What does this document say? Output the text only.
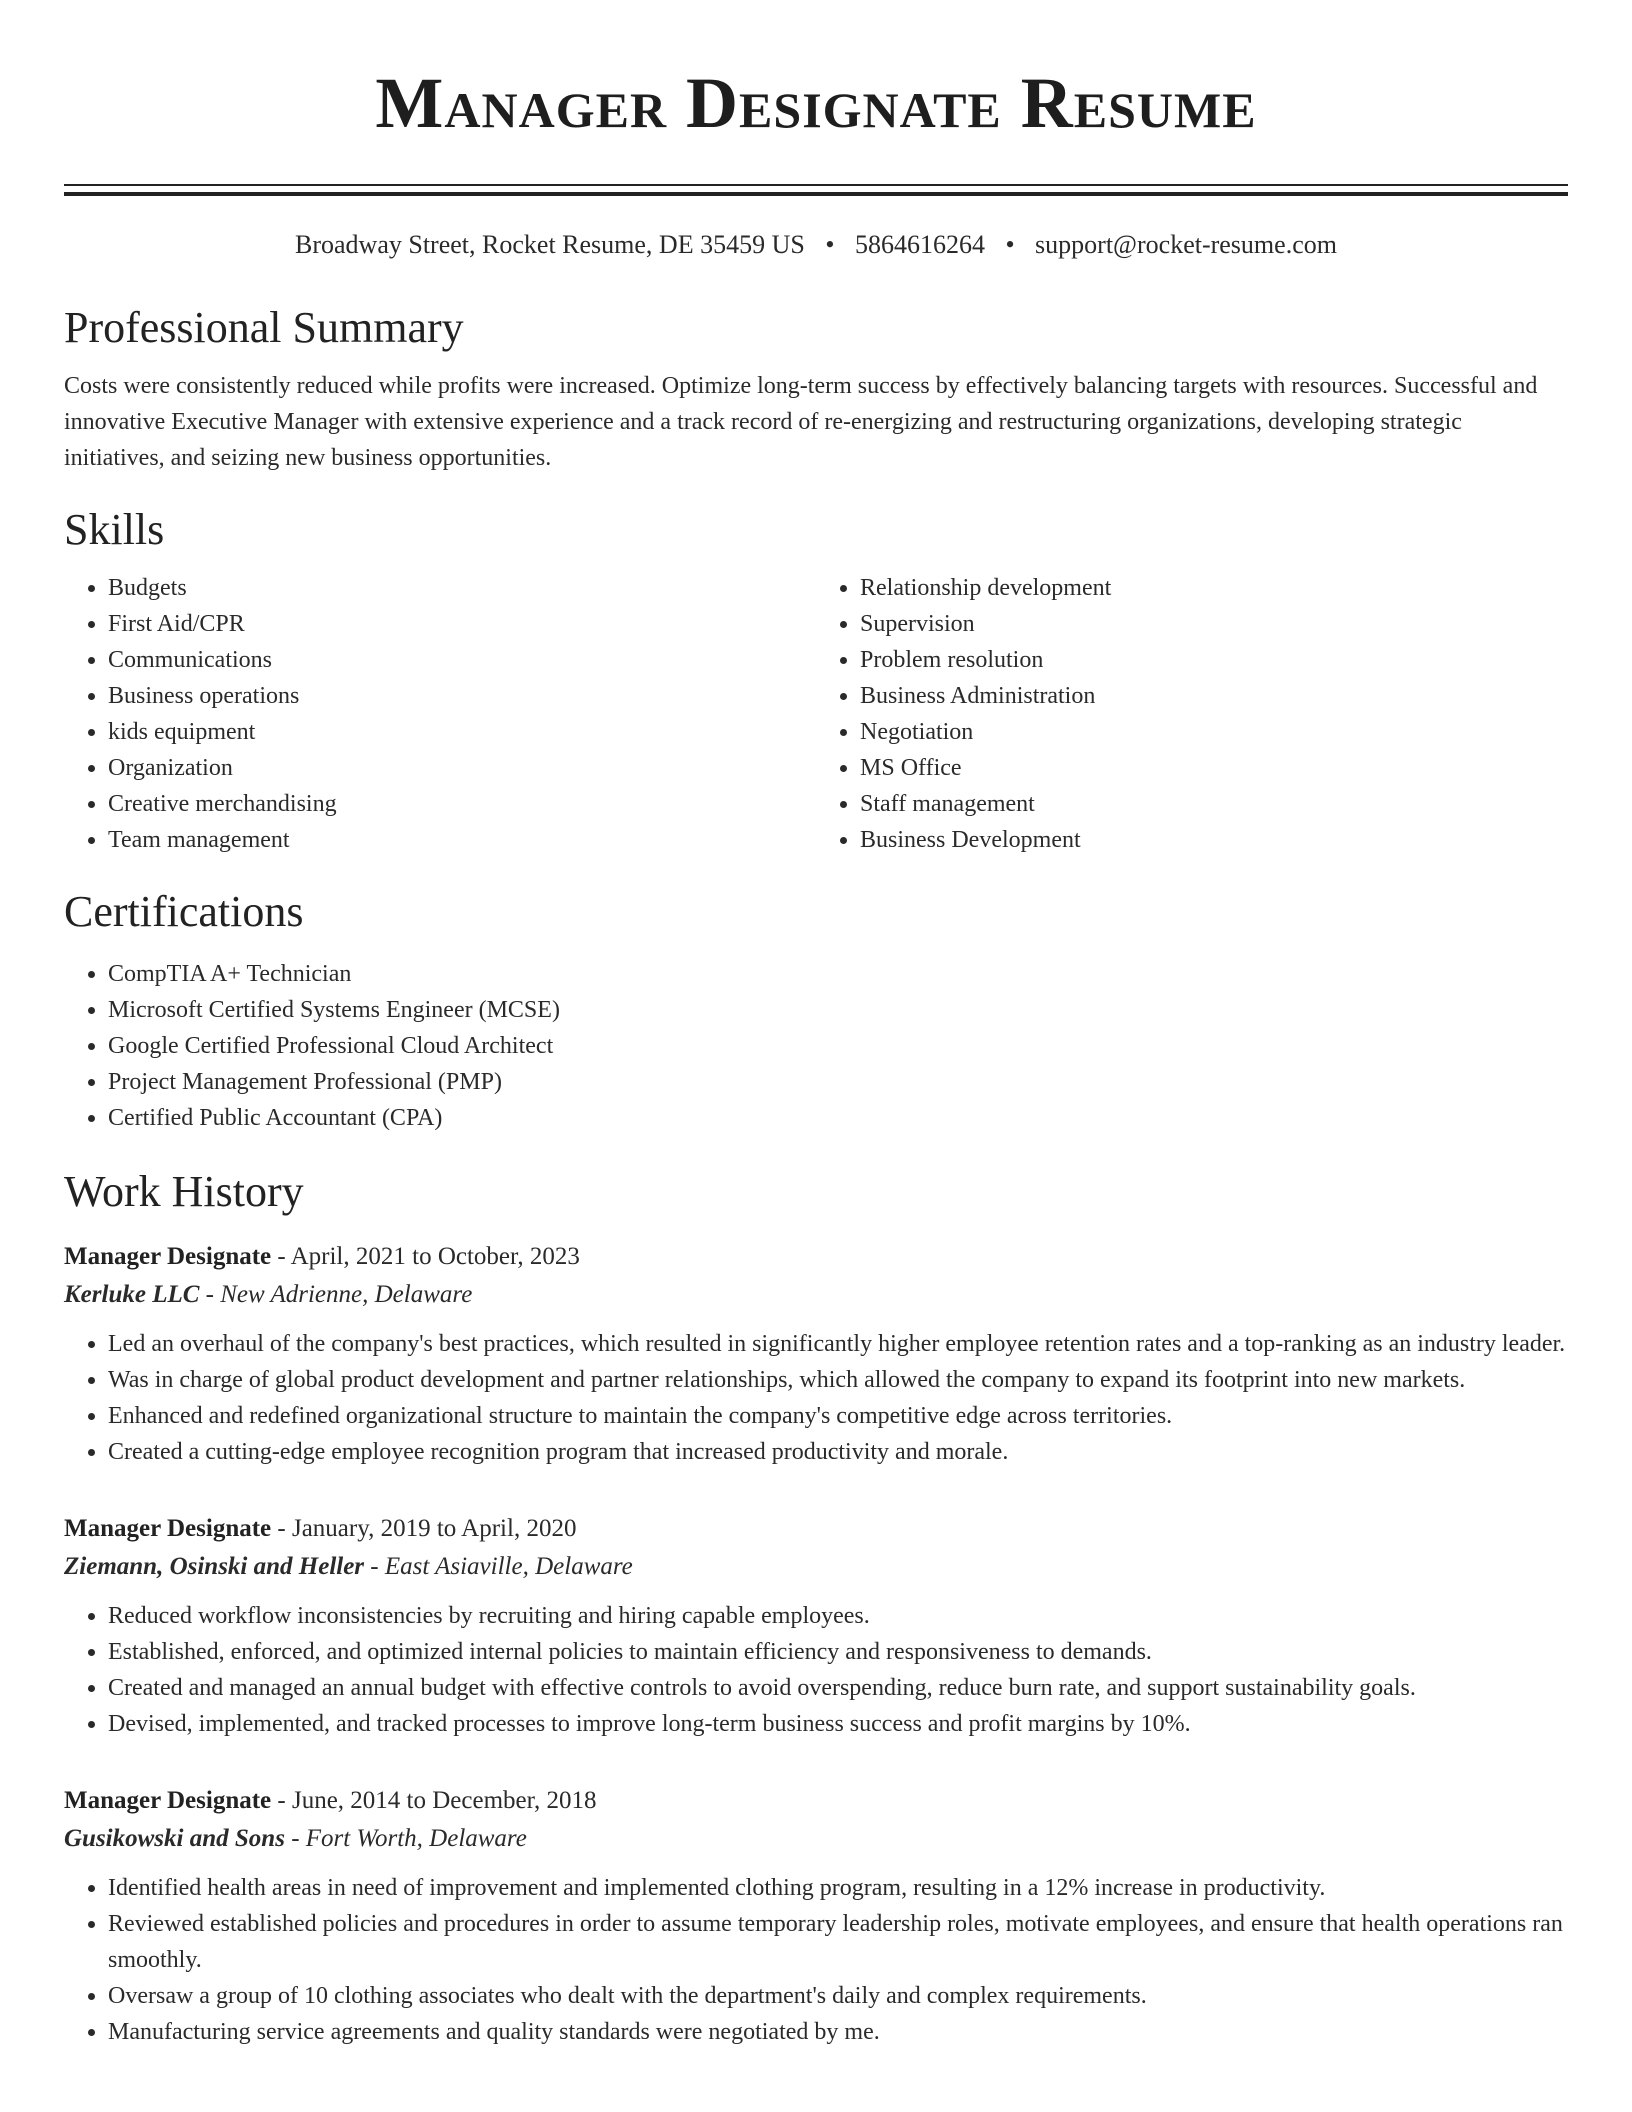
Manager Designate Resume
Broadway Street, Rocket Resume, DE 35459 US • 5864616264 • support@rocket-resume.com
Professional Summary

Costs were consistently reduced while profits were increased. Optimize long-term success by effectively balancing targets with resources. Successful and innovative Executive Manager with extensive experience and a track record of re-energizing and restructuring organizations, developing strategic initiatives, and seizing new business opportunities.

Skills
• Budgets
• First Aid/CPR
• Communications
• Business operations
• kids equipment
• Organization
• Creative merchandising
• Team management
• Relationship development
• Supervision
• Problem resolution
• Business Administration
• Negotiation
• MS Office
• Staff management
• Business Development
Certifications
• CompTIA A+ Technician
• Microsoft Certified Systems Engineer (MCSE)
• Google Certified Professional Cloud Architect
• Project Management Professional (PMP)
• Certified Public Accountant (CPA)
Work History
Manager Designate - April, 2021 to October, 2023
Kerluke LLC - New Adrienne, Delaware
• Led an overhaul of the company's best practices, which resulted in significantly higher employee retention rates and a top-ranking as an industry leader.
• Was in charge of global product development and partner relationships, which allowed the company to expand its footprint into new markets.
• Enhanced and redefined organizational structure to maintain the company's competitive edge across territories.
• Created a cutting-edge employee recognition program that increased productivity and morale.
Manager Designate - January, 2019 to April, 2020
Ziemann, Osinski and Heller - East Asiaville, Delaware
• Reduced workflow inconsistencies by recruiting and hiring capable employees.
• Established, enforced, and optimized internal policies to maintain efficiency and responsiveness to demands.
• Created and managed an annual budget with effective controls to avoid overspending, reduce burn rate, and support sustainability goals.
• Devised, implemented, and tracked processes to improve long-term business success and profit margins by 10%.
Manager Designate - June, 2014 to December, 2018
Gusikowski and Sons - Fort Worth, Delaware
• Identified health areas in need of improvement and implemented clothing program, resulting in a 12% increase in productivity.
• Reviewed established policies and procedures in order to assume temporary leadership roles, motivate employees, and ensure that health operations ran smoothly.
• Oversaw a group of 10 clothing associates who dealt with the department's daily and complex requirements.
• Manufacturing service agreements and quality standards were negotiated by me.
